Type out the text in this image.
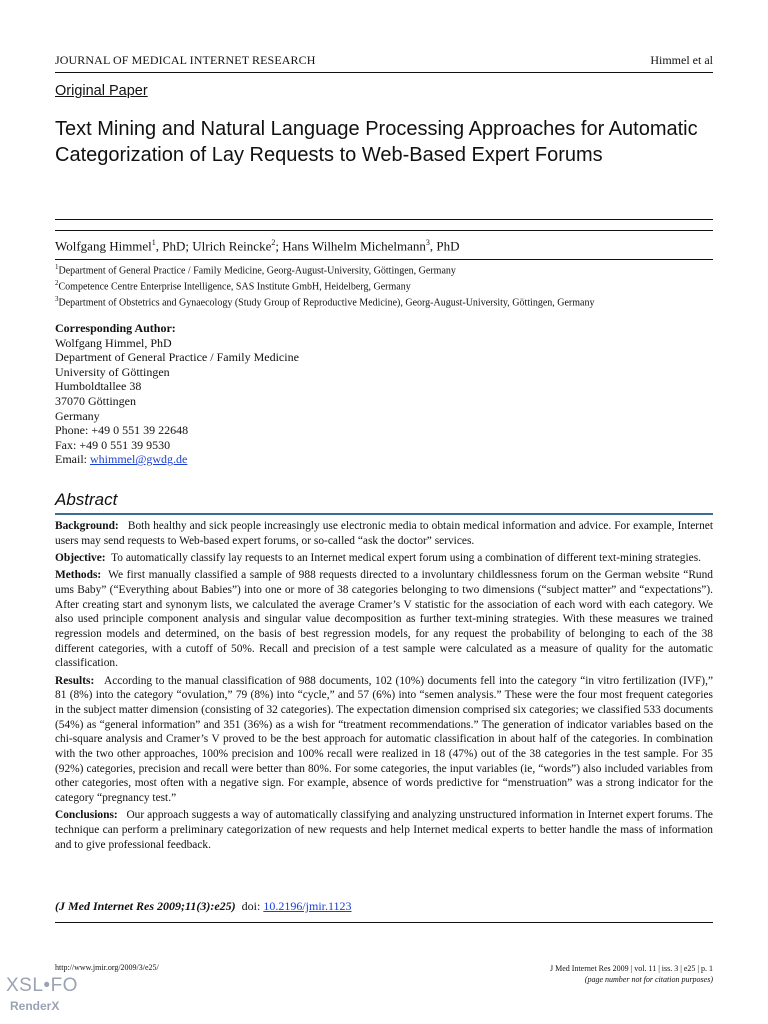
JOURNAL OF MEDICAL INTERNET RESEARCH	Himmel et al
Original Paper
Text Mining and Natural Language Processing Approaches for Automatic Categorization of Lay Requests to Web-Based Expert Forums
Wolfgang Himmel$^1$, PhD; Ulrich Reincke$^2$; Hans Wilhelm Michelmann$^3$, PhD
$^1$Department of General Practice / Family Medicine, Georg-August-University, Göttingen, Germany
$^2$Competence Centre Enterprise Intelligence, SAS Institute GmbH, Heidelberg, Germany
$^3$Department of Obstetrics and Gynaecology (Study Group of Reproductive Medicine), Georg-August-University, Göttingen, Germany
Corresponding Author:
Wolfgang Himmel, PhD
Department of General Practice / Family Medicine
University of Göttingen
Humboldtallee 38
37070 Göttingen
Germany
Phone: +49 0 551 39 22648
Fax: +49 0 551 39 9530
Email: whimmel@gwdg.de
Abstract

Background: Both healthy and sick people increasingly use electronic media to obtain medical information and advice. For example, Internet users may send requests to Web-based expert forums, or so-called “ask the doctor” services.

Objective: To automatically classify lay requests to an Internet medical expert forum using a combination of different text-mining strategies.

Methods: We first manually classified a sample of 988 requests directed to a involuntary childlessness forum on the German website “Rund ums Baby” (“Everything about Babies”) into one or more of 38 categories belonging to two dimensions (“subject matter” and “expectations”). After creating start and synonym lists, we calculated the average Cramer’s V statistic for the association of each word with each category. We also used principle component analysis and singular value decomposition as further text-mining strategies. With these measures we trained regression models and determined, on the basis of best regression models, for any request the probability of belonging to each of the 38 different categories, with a cutoff of 50%. Recall and precision of a test sample were calculated as a measure of quality for the automatic classification.

Results: According to the manual classification of 988 documents, 102 (10%) documents fell into the category “in vitro fertilization (IVF),” 81 (8%) into the category “ovulation,” 79 (8%) into “cycle,” and 57 (6%) into “semen analysis.” These were the four most frequent categories in the subject matter dimension (consisting of 32 categories). The expectation dimension comprised six categories; we classified 533 documents (54%) as “general information” and 351 (36%) as a wish for “treatment recommendations.” The generation of indicator variables based on the chi-square analysis and Cramer’s V proved to be the best approach for automatic classification in about half of the categories. In combination with the two other approaches, 100% precision and 100% recall were realized in 18 (47%) out of the 38 categories in the test sample. For 35 (92%) categories, precision and recall were better than 80%. For some categories, the input variables (ie, “words”) also included variables from other categories, most often with a negative sign. For example, absence of words predictive for “menstruation” was a strong indicator for the category “pregnancy test.”

Conclusions: Our approach suggests a way of automatically classifying and analyzing unstructured information in Internet expert forums. The technique can perform a preliminary categorization of new requests and help Internet medical experts to better handle the mass of information and to give professional feedback.

(J Med Internet Res 2009;11(3):e25) doi: 10.2196/jmir.1123
http://www.jmir.org/2009/3/e25/	J Med Internet Res 2009 | vol. 11 | iss. 3 | e25 | p. 1
(page number not for citation purposes)
XSL•FO
RenderX
